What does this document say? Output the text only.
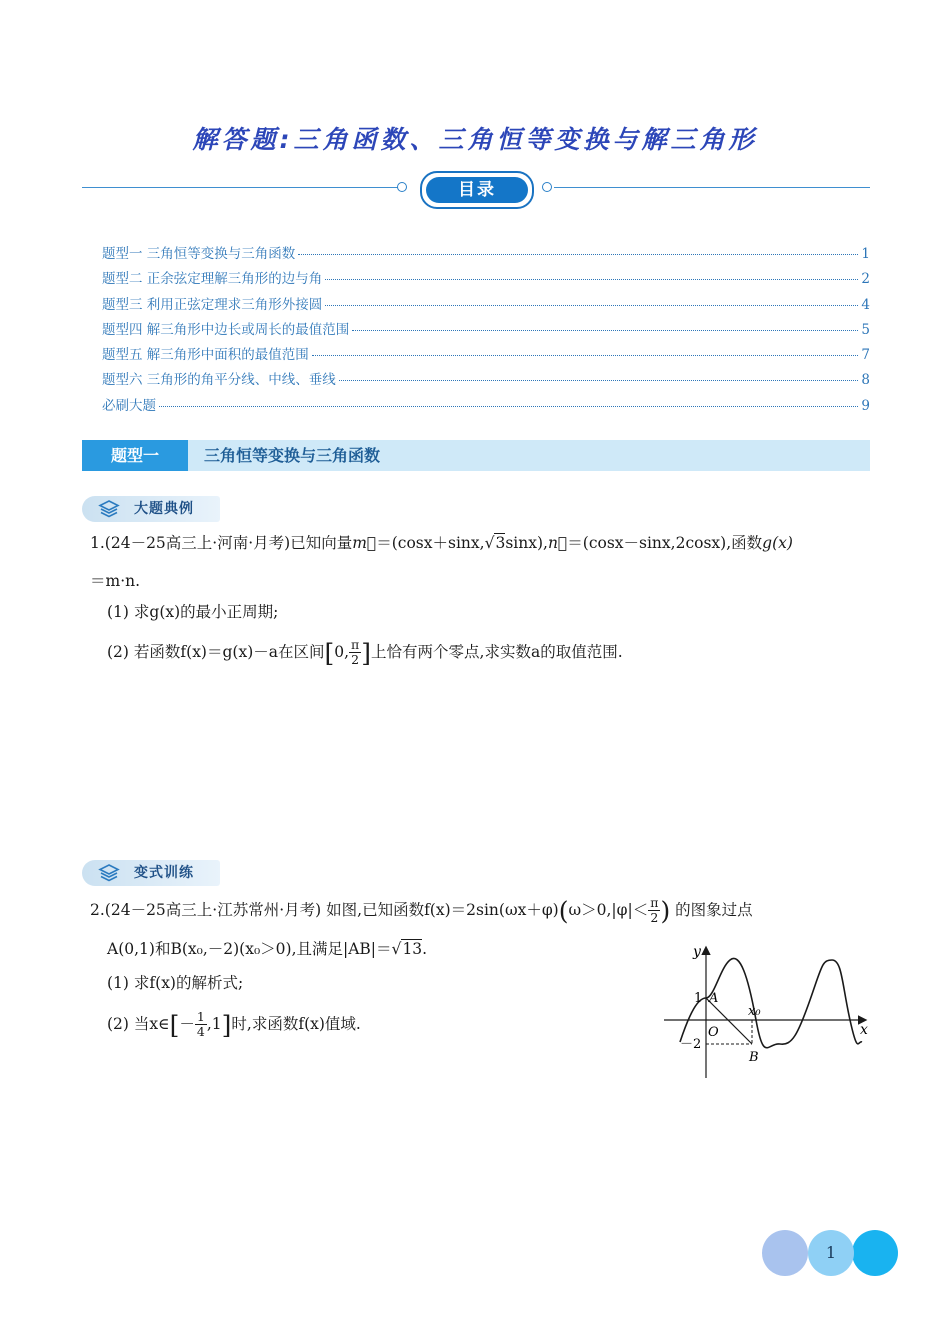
解答题:三角函数、三角恒等变换与解三角形
目录
题型一 三角恒等变换与三角函数	1
题型二 正余弦定理解三角形的边与角	2
题型三 利用正弦定理求三角形外接圆	4
题型四 解三角形中边长或周长的最值范围	5
题型五 解三角形中面积的最值范围	7
题型六 三角形的角平分线、中线、垂线	8
必刷大题	9
题型一	三角恒等变换与三角函数
大题典例
1.(24－25高三上·河南·月考)已知向量m⃗＝(cosx＋sinx,√3sinx),n⃗＝(cosx－sinx,2cosx),函数g(x)
＝m·n.
(1) 求g(x)的最小正周期;
(2) 若函数f(x)＝g(x)－a在区间[0, $\frac{\pi}{2}$ ]上恰有两个零点,求实数a的取值范围.
变式训练
2.(24－25高三上·江苏常州·月考) 如图,已知函数$f(x)=2\sin(\omega x+\varphi)(\omega>0,|\varphi|< \frac{\pi}{2}$ ) 的图象过点
A(0,1)和B(x₀,－2)(x₀＞0),且满足|AB|＝√13.
(1) 求f(x)的解析式;
(2) 当x∈[－ $\frac{1}{4} ,1$]时,求函数f(x)值域.
y
x
O
1
－2
A
B
x₀
1
